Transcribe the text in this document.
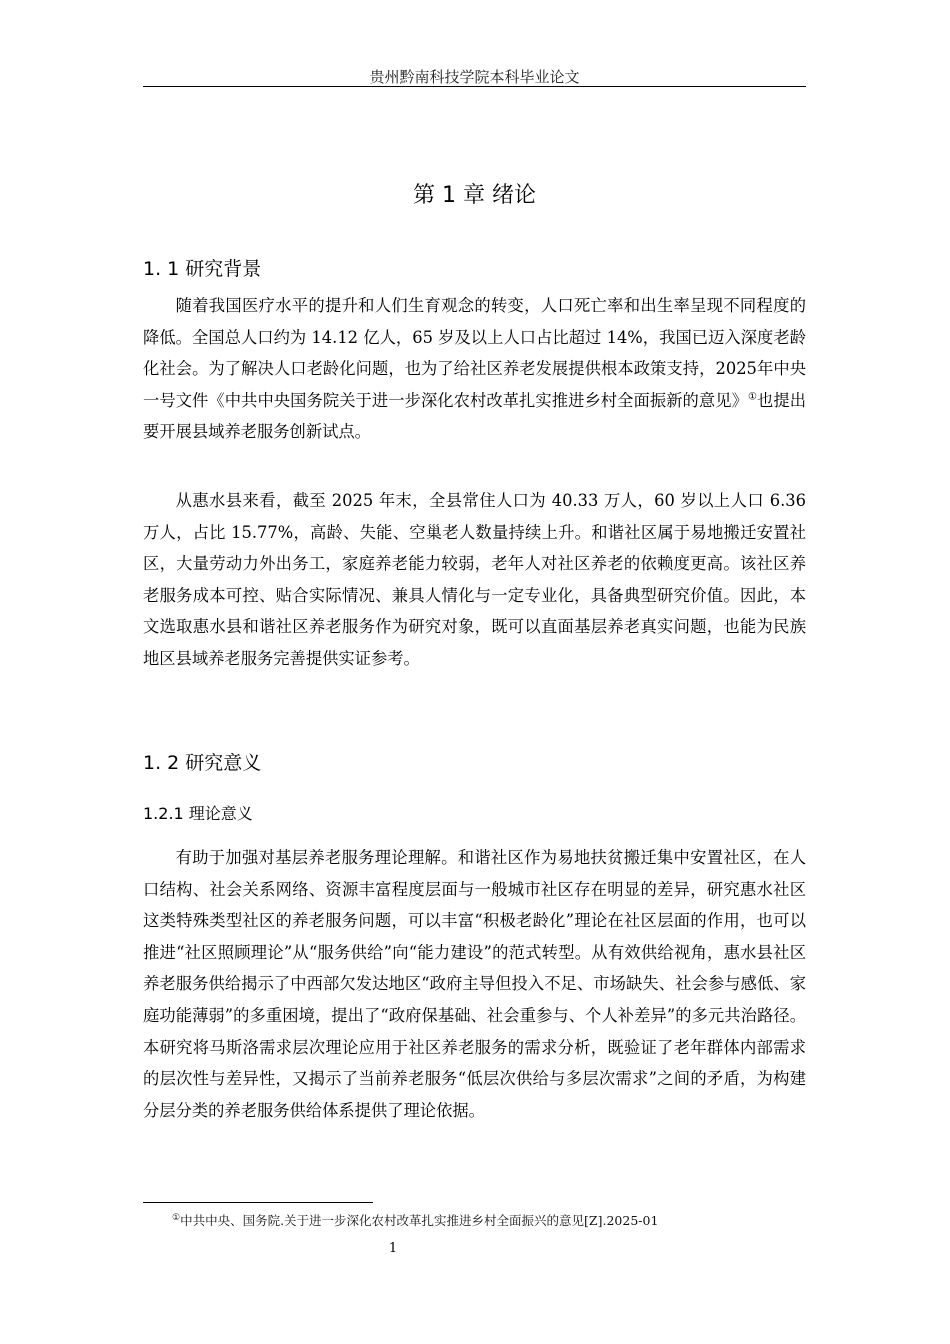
贵州黔南科技学院本科毕业论文
第 1 章 绪论
1. 1 研究背景

随着我国医疗水平的提升和人们生育观念的转变，人口死亡率和出生率呈现不同程度的降低。全国总人口约为 14.12 亿人，65 岁及以上人口占比超过 14%，我国已迈入深度老龄化社会。为了解决人口老龄化问题，也为了给社区养老发展提供根本政策支持，2025年中央一号文件《中共中央国务院关于进一步深化农村改革扎实推进乡村全面振新的意见》①也提出要开展县域养老服务创新试点。

从惠水县来看，截至 2025 年末，全县常住人口为 40.33 万人，60 岁以上人口 6.36 万人，占比 15.77%，高龄、失能、空巢老人数量持续上升。和谐社区属于易地搬迁安置社区，大量劳动力外出务工，家庭养老能力较弱，老年人对社区养老的依赖度更高。该社区养老服务成本可控、贴合实际情况、兼具人情化与一定专业化，具备典型研究价值。因此，本文选取惠水县和谐社区养老服务作为研究对象，既可以直面基层养老真实问题，也能为民族地区县域养老服务完善提供实证参考。

1. 2 研究意义
1.2.1 理论意义

有助于加强对基层养老服务理论理解。和谐社区作为易地扶贫搬迁集中安置社区，在人口结构、社会关系网络、资源丰富程度层面与一般城市社区存在明显的差异，研究惠水社区这类特殊类型社区的养老服务问题，可以丰富“积极老龄化”理论在社区层面的作用，也可以推进“社区照顾理论”从“服务供给”向“能力建设”的范式转型。从有效供给视角，惠水县社区养老服务供给揭示了中西部欠发达地区“政府主导但投入不足、市场缺失、社会参与感低、家庭功能薄弱”的多重困境，提出了“政府保基础、社会重参与、个人补差异”的多元共治路径。本研究将马斯洛需求层次理论应用于社区养老服务的需求分析，既验证了老年群体内部需求的层次性与差异性，又揭示了当前养老服务“低层次供给与多层次需求”之间的矛盾，为构建分层分类的养老服务供给体系提供了理论依据。

①中共中央、国务院.关于进一步深化农村改革扎实推进乡村全面振兴的意见[Z].2025-01
1
